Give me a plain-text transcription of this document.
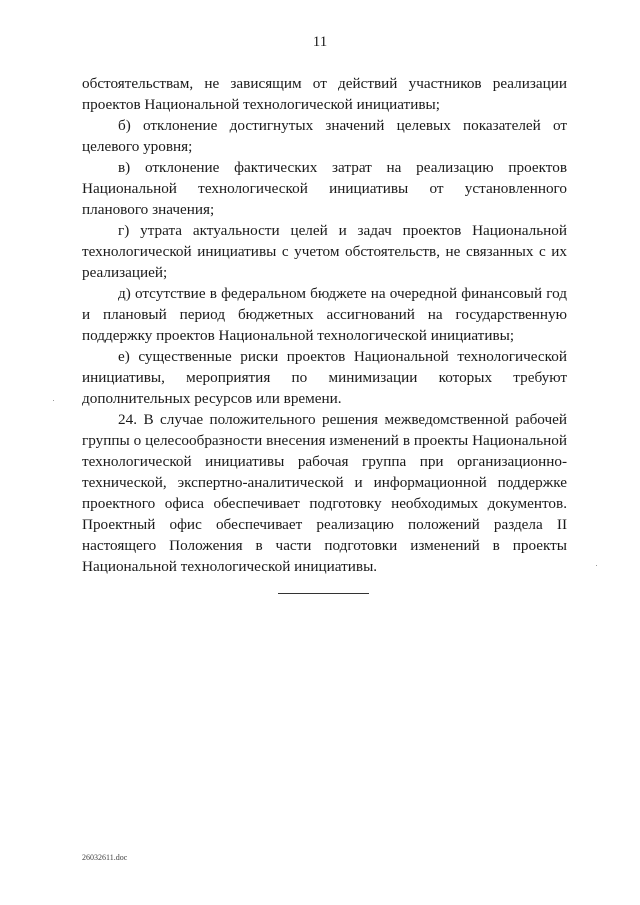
11

обстоятельствам, не зависящим от действий участников реализации проектов Национальной технологической инициативы;

б) отклонение достигнутых значений целевых показателей от целевого уровня;

в) отклонение фактических затрат на реализацию проектов Национальной технологической инициативы от установленного планового значения;

г) утрата актуальности целей и задач проектов Национальной технологической инициативы с учетом обстоятельств, не связанных с их реализацией;

д) отсутствие в федеральном бюджете на очередной финансовый год и плановый период бюджетных ассигнований на государственную поддержку проектов Национальной технологической инициативы;

е) существенные риски проектов Национальной технологической инициативы, мероприятия по минимизации которых требуют дополнительных ресурсов или времени.

24. В случае положительного решения межведомственной рабочей группы о целесообразности внесения изменений в проекты Национальной технологической инициативы рабочая группа при организационно-технической, экспертно-аналитической и информационной поддержке проектного офиса обеспечивает подготовку необходимых документов. Проектный офис обеспечивает реализацию положений раздела II настоящего Положения в части подготовки изменений в проекты Национальной технологической инициативы.

26032611.doc
